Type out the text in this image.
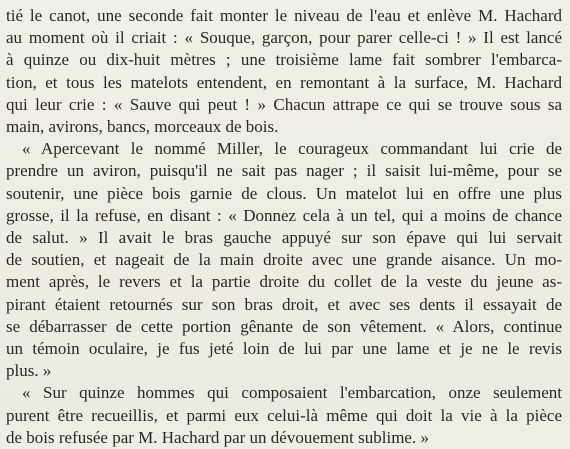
tié le canot, une seconde fait monter le niveau de l'eau et enlève M. Hachard
au moment où il criait : « Souque, garçon, pour parer celle-ci ! » Il est lancé
à quinze ou dix-huit mètres ; une troisième lame fait sombrer l'embarca-
tion, et tous les matelots entendent, en remontant à la surface, M. Hachard
qui leur crie : « Sauve qui peut ! » Chacun attrape ce qui se trouve sous sa
main, avirons, bancs, morceaux de bois.
« Apercevant le nommé Miller, le courageux commandant lui crie de
prendre un aviron, puisqu'il ne sait pas nager ; il saisit lui-même, pour se
soutenir, une pièce bois garnie de clous. Un matelot lui en offre une plus
grosse, il la refuse, en disant : « Donnez cela à un tel, qui a moins de chance
de salut. » Il avait le bras gauche appuyé sur son épave qui lui servait
de soutien, et nageait de la main droite avec une grande aisance. Un mo-
ment après, le revers et la partie droite du collet de la veste du jeune as-
pirant étaient retournés sur son bras droit, et avec ses dents il essayait de
se débarrasser de cette portion gênante de son vêtement. « Alors, continue
un témoin oculaire, je fus jeté loin de lui par une lame et je ne le revis
plus. »
« Sur quinze hommes qui composaient l'embarcation, onze seulement
purent être recueillis, et parmi eux celui-là même qui doit la vie à la pièce
de bois refusée par M. Hachard par un dévouement sublime. »
